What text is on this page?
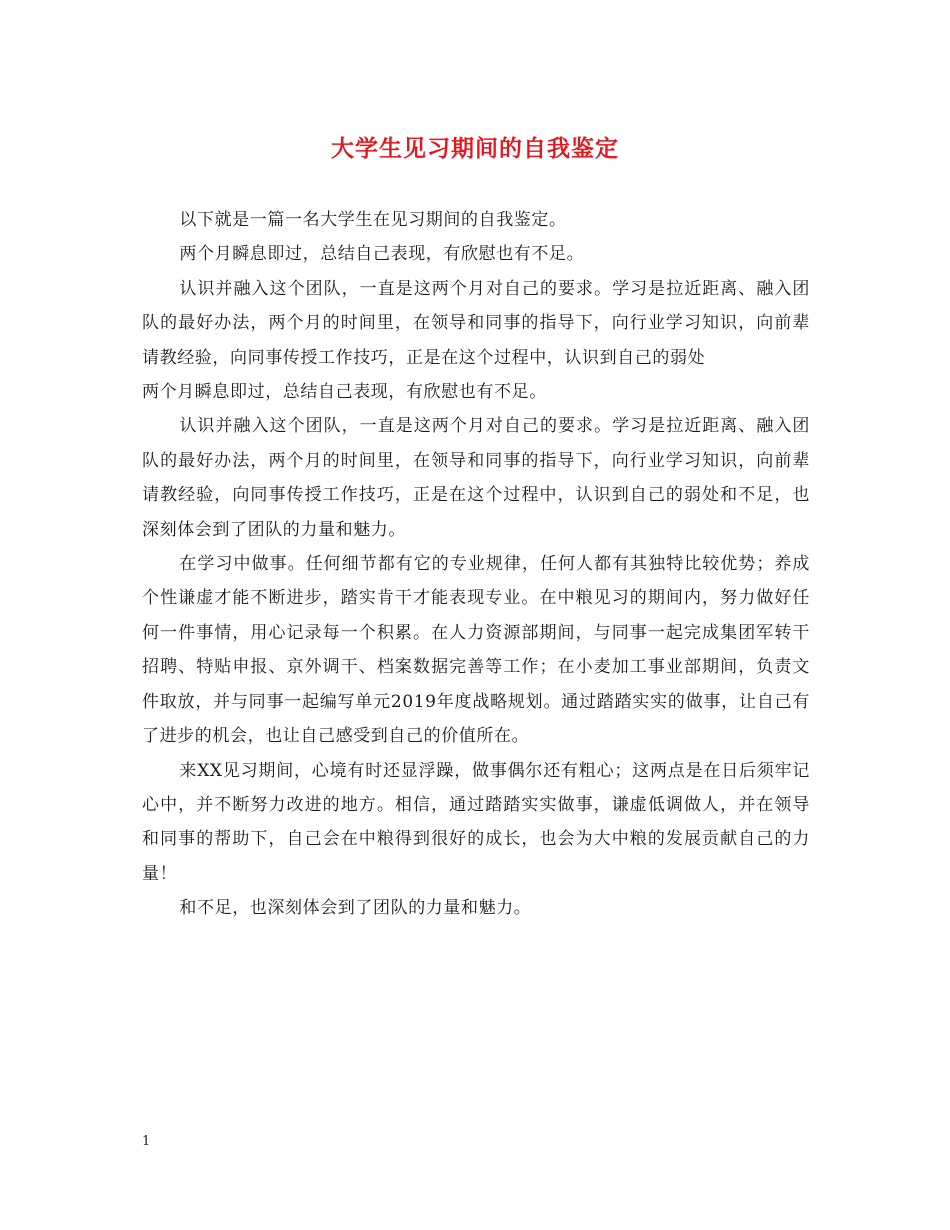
大学生见习期间的自我鉴定

以下就是一篇一名大学生在见习期间的自我鉴定。

两个月瞬息即过，总结自己表现，有欣慰也有不足。

认识并融入这个团队，一直是这两个月对自己的要求。学习是拉近距离、融入团队的最好办法，两个月的时间里，在领导和同事的指导下，向行业学习知识，向前辈请教经验，向同事传授工作技巧，正是在这个过程中，认识到自己的弱处

两个月瞬息即过，总结自己表现，有欣慰也有不足。

认识并融入这个团队，一直是这两个月对自己的要求。学习是拉近距离、融入团队的最好办法，两个月的时间里，在领导和同事的指导下，向行业学习知识，向前辈请教经验，向同事传授工作技巧，正是在这个过程中，认识到自己的弱处和不足，也深刻体会到了团队的力量和魅力。

在学习中做事。任何细节都有它的专业规律，任何人都有其独特比较优势；养成个性谦虚才能不断进步，踏实肯干才能表现专业。在中粮见习的期间内，努力做好任何一件事情，用心记录每一个积累。在人力资源部期间，与同事一起完成集团军转干招聘、特贴申报、京外调干、档案数据完善等工作；在小麦加工事业部期间，负责文件取放，并与同事一起编写单元2019年度战略规划。通过踏踏实实的做事，让自己有了进步的机会，也让自己感受到自己的价值所在。

来XX见习期间，心境有时还显浮躁，做事偶尔还有粗心；这两点是在日后须牢记心中，并不断努力改进的地方。相信，通过踏踏实实做事，谦虚低调做人，并在领导和同事的帮助下，自己会在中粮得到很好的成长，也会为大中粮的发展贡献自己的力量！

和不足，也深刻体会到了团队的力量和魅力。

1
